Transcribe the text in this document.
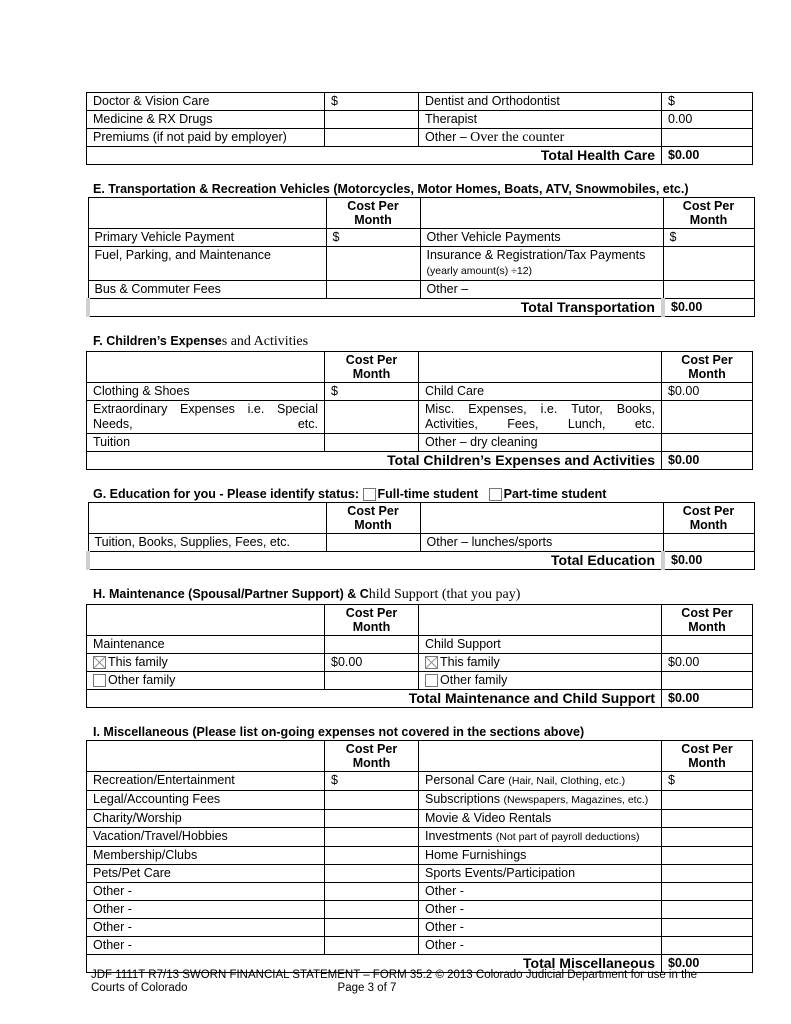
Doctor & Vision Care	$	Dentist and Orthodontist	$
Medicine & RX Drugs		Therapist	0.00
Premiums (if not paid by employer)		Other – Over the counter	
Total Health Care			$0.00
E. Transportation & Recreation Vehicles (Motorcycles, Motor Homes, Boats, ATV, Snowmobiles, etc.)
	Cost Per Month		Cost Per Month
Primary Vehicle Payment	$	Other Vehicle Payments	$
Fuel, Parking, and Maintenance		Insurance & Registration/Tax Payments
(yearly amount(s) ÷12)	
Bus & Commuter Fees		Other –	
Total Transportation			$0.00
F. Children’s Expenses and Activities
	Cost Per Month		Cost Per Month
Clothing & Shoes	$	Child Care	$0.00
Extraordinary Expenses i.e. Special Needs, etc.		Misc. Expenses, i.e. Tutor, Books, Activities, Fees, Lunch, etc.	
Tuition		Other – dry cleaning	
Total Children’s Expenses and Activities			$0.00
G. Education for you - Please identify status: Full-time student Part-time student
	Cost Per Month		Cost Per Month
Tuition, Books, Supplies, Fees, etc.		Other – lunches/sports	
Total Education			$0.00
H. Maintenance (Spousal/Partner Support) & Child Support (that you pay)
	Cost Per Month		Cost Per Month
Maintenance		Child Support	
This family	$0.00	This family	$0.00
Other family		Other family	
Total Maintenance and Child Support			$0.00
I. Miscellaneous (Please list on-going expenses not covered in the sections above)
	Cost Per Month		Cost Per Month
Recreation/Entertainment	$	Personal Care (Hair, Nail, Clothing, etc.)	$
Legal/Accounting Fees		Subscriptions (Newspapers, Magazines, etc.)	
Charity/Worship		Movie & Video Rentals	
Vacation/Travel/Hobbies		Investments (Not part of payroll deductions)	
Membership/Clubs		Home Furnishings	
Pets/Pet Care		Sports Events/Participation	
Other -		Other -	
Other -		Other -	
Other -		Other -	
Other -		Other -	
Total Miscellaneous			$0.00
JDF 1111T R7/13 SWORN FINANCIAL STATEMENT – FORM 35.2 © 2013 Colorado Judicial Department for use in the
Courts of Colorado	Page 3 of 7
